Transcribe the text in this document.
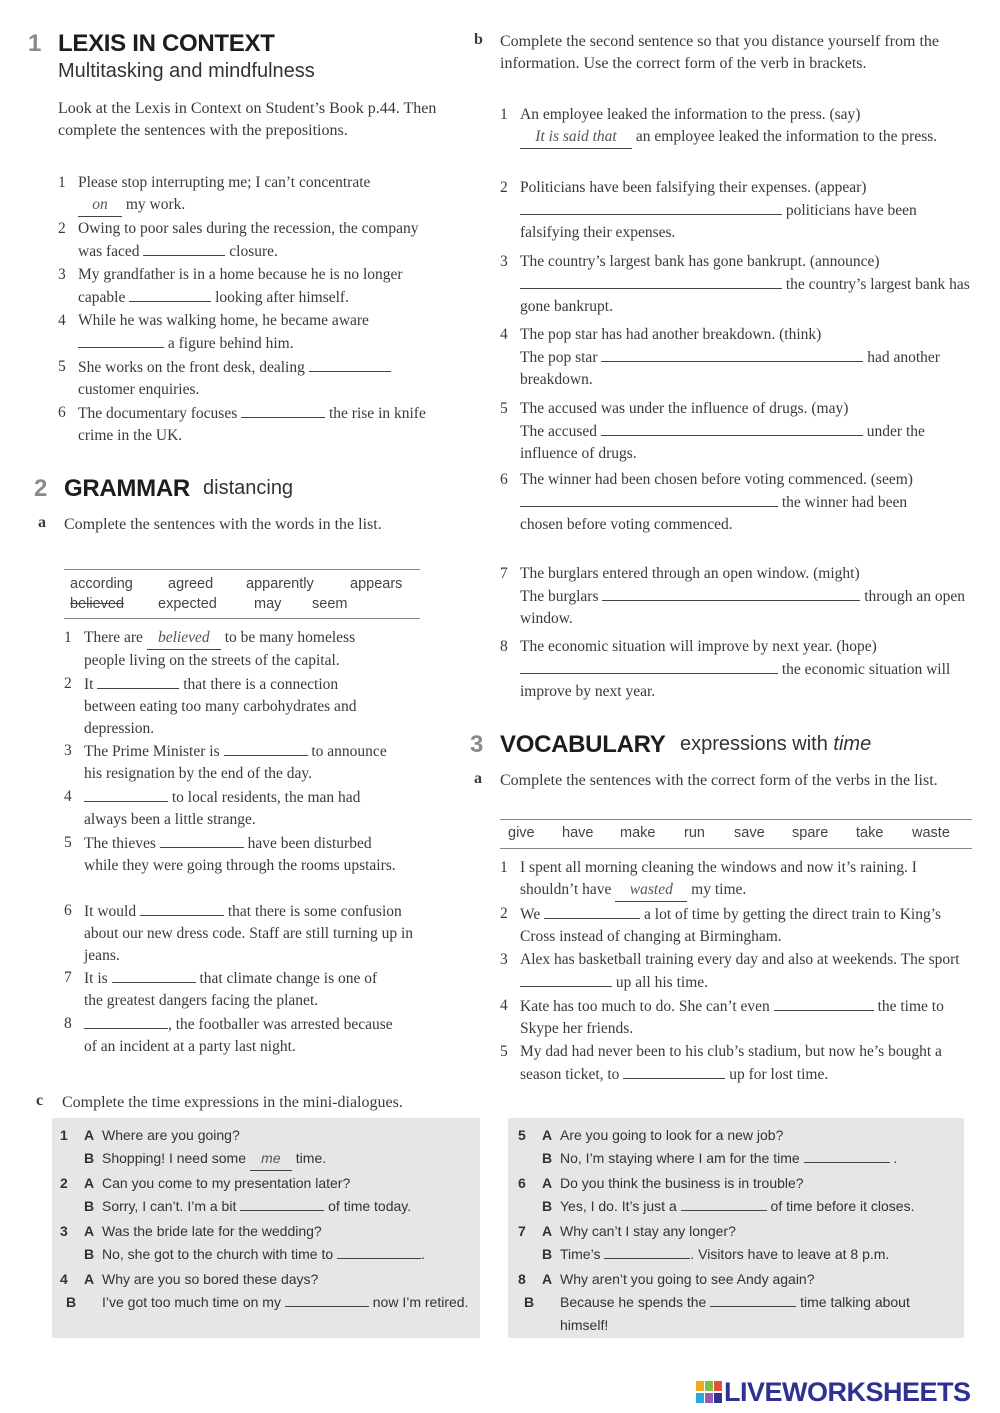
1 LEXIS IN CONTEXT
Multitasking and mindfulness
Look at the Lexis in Context on Student’s Book p.44. Then complete the sentences with the prepositions.
1 Please stop interrupting me; I can’t concentrate
on my work.
2 Owing to poor sales during the recession, the company was faced	closure.
3 My grandfather is in a home because he is no longer capable	looking after himself.
4 While he was walking home, he became aware
a figure behind him.
5 She works on the front desk, dealing  customer enquiries.
6 The documentary focuses	the rise in knife crime in the UK.
2 GRAMMAR distancing
a Complete the sentences with the words in the list.
according agreed apparently	appears
believed expected	may seem
1 There are believed to be many homeless
people living on the streets of the capital.
2 It	that there is a connection
between eating too many carbohydrates and depression.
3 The Prime Minister is	to announce
his resignation by the end of the day.
4	to local residents, the man had
always been a little strange.
5 The thieves	have been disturbed
while they were going through the rooms upstairs.
6 It would	that there is some confusion
about our new dress code. Staff are still turning up in jeans.
7 It is	that climate change is one of
the greatest dangers facing the planet.
8	, the footballer was arrested because
of an incident at a party last night.
b Complete the second sentence so that you distance yourself from the information. Use the correct form of the verb in brackets.
1 An employee leaked the information to the press. (say)
It is said that an employee leaked the information to the press.
2 Politicians have been falsifying their expenses. (appear)
politicians have been falsifying their expenses.
3 The country’s largest bank has gone bankrupt. (announce)
the country’s largest bank has gone bankrupt.
4 The pop star has had another breakdown. (think)
The pop star	had another breakdown.
5 The accused was under the influence of drugs. (may)
The accused	under the influence of drugs.
6 The winner had been chosen before voting commenced. (seem)
the winner had been chosen before voting commenced.
7 The burglars entered through an open window. (might)
The burglars	through an open window.
8 The economic situation will improve by next year. (hope)
the economic situation will improve by next year.
3 VOCABULARY expressions with time
a Complete the sentences with the correct form of the verbs in the list.
give have make run save spare take waste
1 I spent all morning cleaning the windows and now it’s raining. I shouldn’t have wasted my time.
2 We	a lot of time by getting the direct train to King’s Cross instead of changing at Birmingham.
3 Alex has basketball training every day and also at weekends. The sport  up all his time.
4 Kate has too much to do. She can’t even	the time to Skype her friends.
5 My dad had never been to his club’s stadium, but now he’s bought a season ticket, to	up for lost time.
c Complete the time expressions in the mini-dialogues.
1 A Where are you going?
B Shopping! I need some me time.
2 A Can you come to my presentation later?
B Sorry, I can’t. I’m a bit	of time today.
3 A Was the bride late for the wedding?
B No, she got to the church with time to	.
4 A Why are you so bored these days?
B I’ve got too much time on my	now I’m retired.
5 A Are you going to look for a new job?
B No, I’m staying where I am for the time	.
6 A Do you think the business is in trouble?
B Yes, I do. It’s just a	of time before it closes.
7 A Why can’t I stay any longer?
B Time’s	. Visitors have to leave at 8 p.m.
8 A Why aren’t you going to see Andy again?
B Because he spends the	time talking about himself!
LIVEWORKSHEETS
